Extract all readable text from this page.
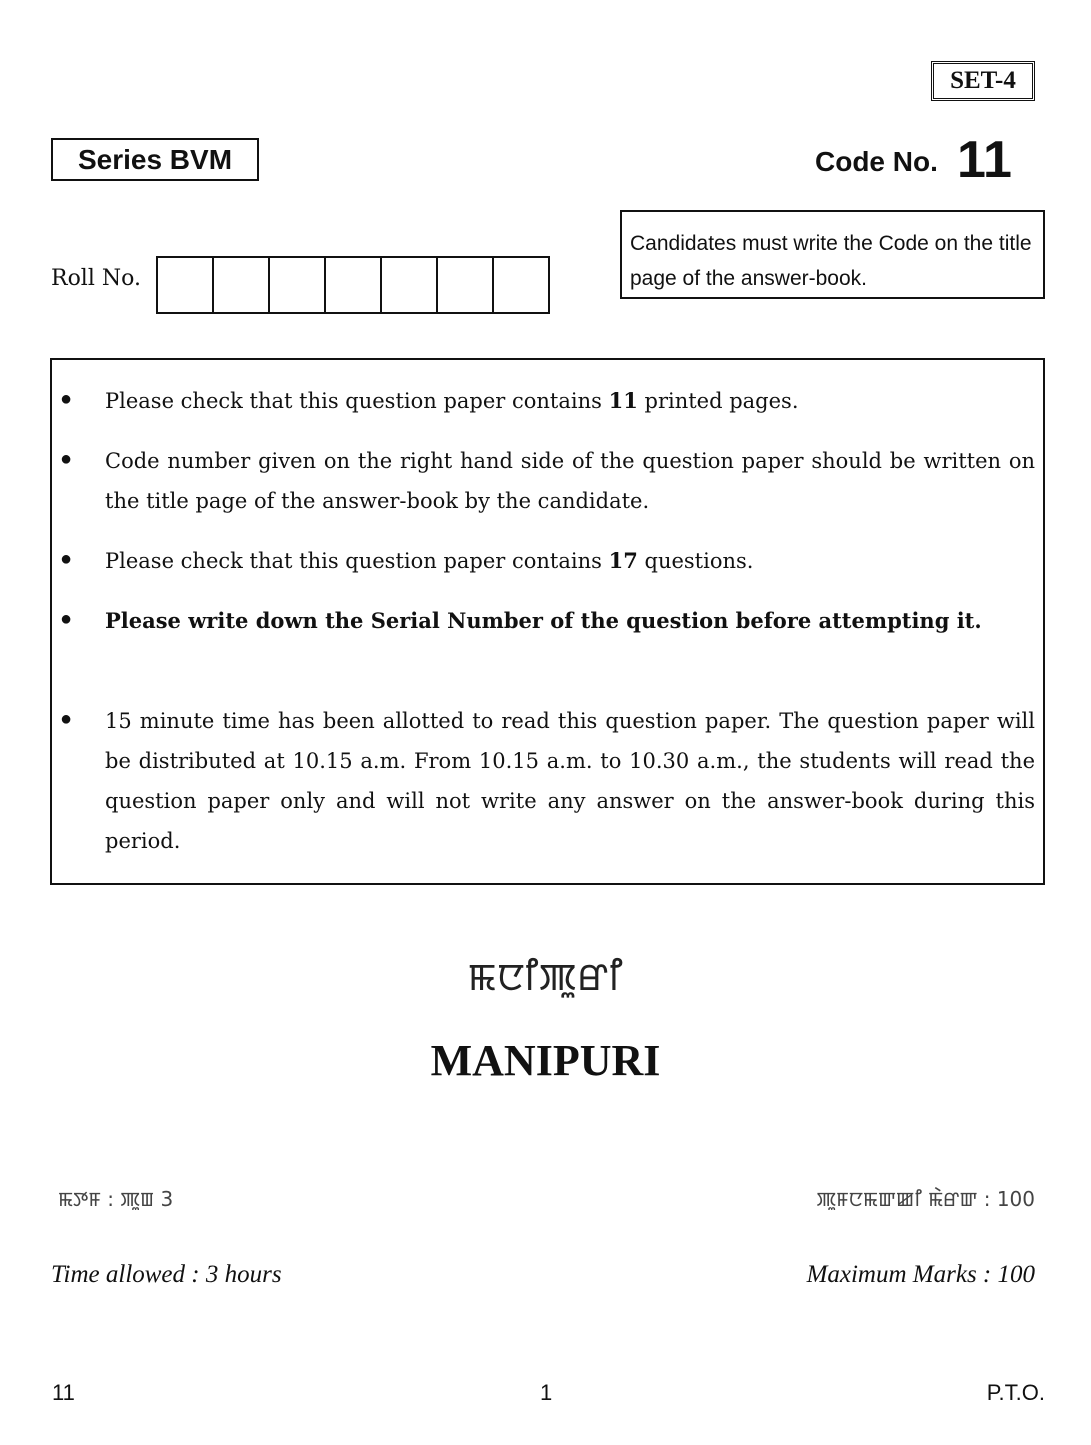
SET-4
Series BVM	Code No. 11
Candidates must write the Code on the title page of the answer-book.
Roll No.
● Please check that this question paper contains 11 printed pages.
● Code number given on the right hand side of the question paper should be written on the title page of the answer-book by the candidate.
● Please check that this question paper contains 17 questions.
● Please write down the Serial Number of the question before attempting it.
● 15 minute time has been allotted to read this question paper. The question paper will be distributed at 10.15 a.m. From 10.15 a.m. to 10.30 a.m., the students will read the question paper only and will not write any answer on the answer-book during this period.
ꯃꯅꯤꯄꯨꯔꯤ
MANIPURI
ꯃꯇꯝ : ꯄꯨꯡ 3	ꯄꯨꯝꯅꯃꯛꯀꯤ ꯃꯥꯔꯛ : 100
Time allowed : 3 hours	Maximum Marks : 100
11	1	P.T.O.
